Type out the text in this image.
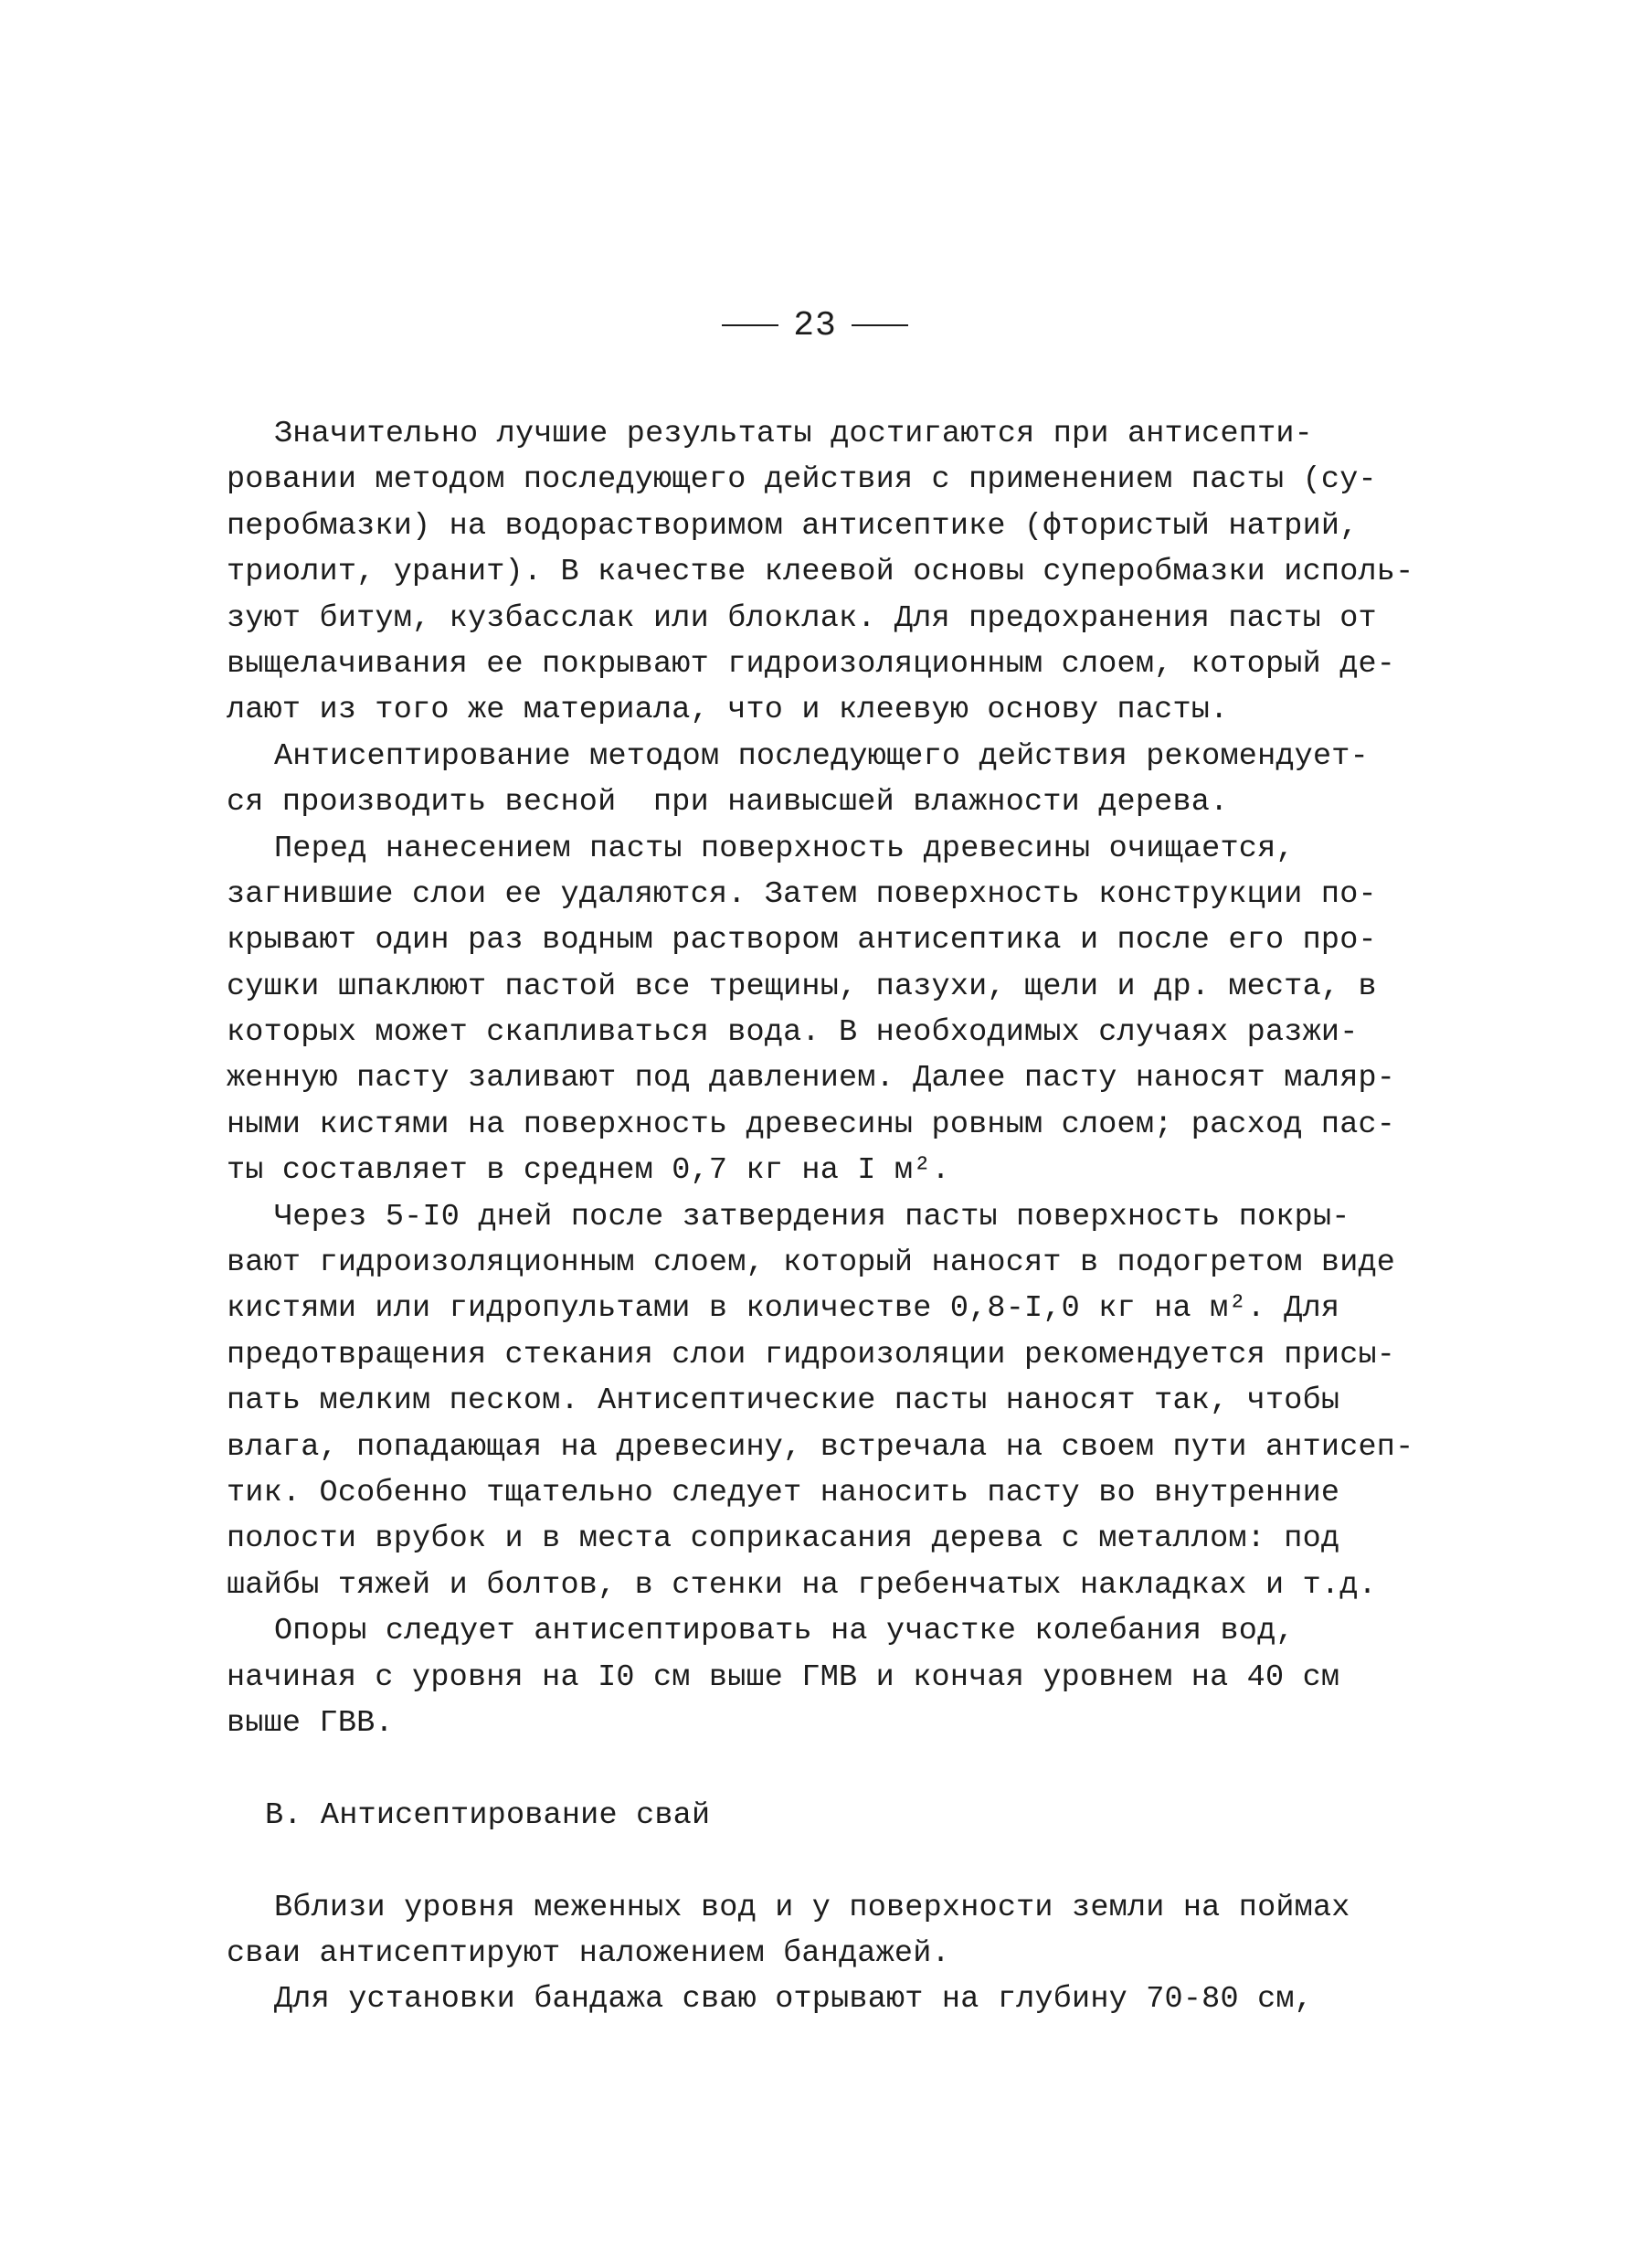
23
Значительно лучшие результаты достигаются при антисепти-
ровании методом последующего действия с применением пасты (су-
перобмазки) на водорастворимом антисептике (фтористый натрий,
триолит, уранит). В качестве клеевой основы суперобмазки исполь-
зуют битум, кузбасслак или блоклак. Для предохранения пасты от
выщелачивания ее покрывают гидроизоляционным слоем, который де-
лают из того же материала, что и клеевую основу пасты.
Антисептирование методом последующего действия рекомендует-
ся производить весной  при наивысшей влажности дерева.
Перед нанесением пасты поверхность древесины очищается,
загнившие слои ее удаляются. Затем поверхность конструкции по-
крывают один раз водным раствором антисептика и после его про-
сушки шпаклюют пастой все трещины, пазухи, щели и др. места, в
которых может скапливаться вода. В необходимых случаях разжи-
женную пасту заливают под давлением. Далее пасту наносят маляр-
ными кистями на поверхность древесины ровным слоем; расход пас-
ты составляет в среднем 0,7 кг на I м².
Через 5-I0 дней после затвердения пасты поверхность покры-
вают гидроизоляционным слоем, который наносят в подогретом виде
кистями или гидропультами в количестве 0,8-I,0 кг на м². Для
предотвращения стекания слои гидроизоляции рекомендуется присы-
пать мелким песком. Антисептические пасты наносят так, чтобы
влага, попадающая на древесину, встречала на своем пути антисеп-
тик. Особенно тщательно следует наносить пасту во внутренние
полости врубок и в места соприкасания дерева с металлом: под
шайбы тяжей и болтов, в стенки на гребенчатых накладках и т.д.
Опоры следует антисептировать на участке колебания вод,
начиная с уровня на I0 см выше ГМВ и кончая уровнем на 40 см
выше ГВВ.
В. Антисептирование свай
Вблизи уровня меженных вод и у поверхности земли на поймах
сваи антисептируют наложением бандажей.
Для установки бандажа сваю отрывают на глубину 70-80 см,
